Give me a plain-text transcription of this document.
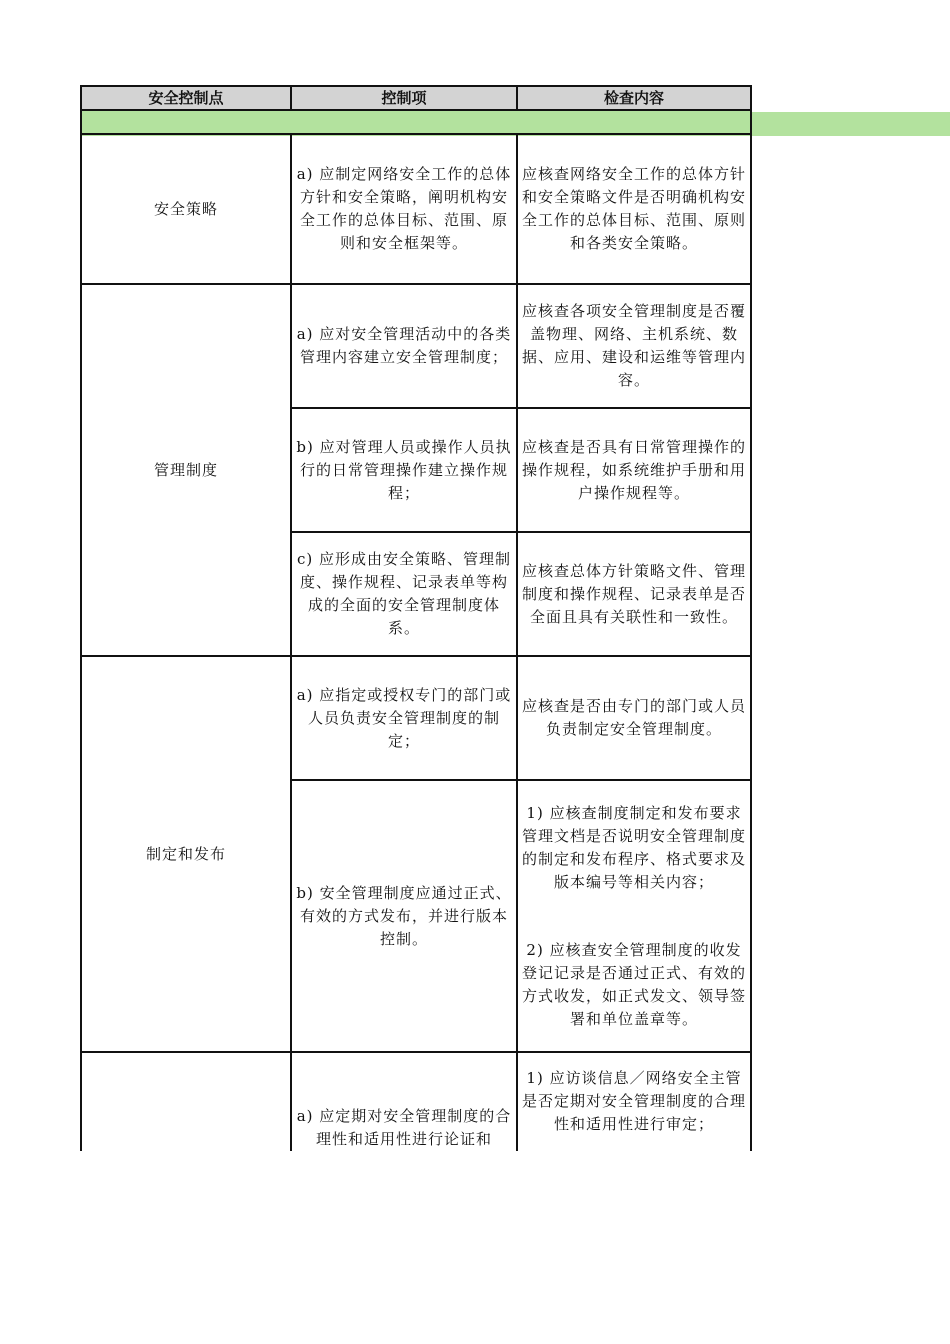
安全控制点	控制项	检查内容

安全策略	a) 应制定网络安全工作的总体方针和安全策略，阐明机构安全工作的总体目标、范围、原则和安全框架等。	应核查网络安全工作的总体方针和安全策略文件是否明确机构安全工作的总体目标、范围、原则和各类安全策略。
管理制度	a) 应对安全管理活动中的各类管理内容建立安全管理制度；	应核查各项安全管理制度是否覆盖物理、网络、主机系统、数据、应用、建设和运维等管理内容。
	b) 应对管理人员或操作人员执行的日常管理操作建立操作规程；	应核查是否具有日常管理操作的操作规程，如系统维护手册和用户操作规程等。
	c) 应形成由安全策略、管理制度、操作规程、记录表单等构成的全面的安全管理制度体系。	应核查总体方针策略文件、管理制度和操作规程、记录表单是否全面且具有关联性和一致性。
制定和发布	a) 应指定或授权专门的部门或人员负责安全管理制度的制定；	应核查是否由专门的部门或人员负责制定安全管理制度。
	b) 安全管理制度应通过正式、有效的方式发布，并进行版本控制。	1) 应核查制度制定和发布要求管理文档是否说明安全管理制度的制定和发布程序、格式要求及版本编号等相关内容；

2) 应核查安全管理制度的收发登记记录是否通过正式、有效的方式收发，如正式发文、领导签署和单位盖章等。

	a) 应定期对安全管理制度的合理性和适用性进行论证和	1) 应访谈信息／网络安全主管是否定期对安全管理制度的合理性和适用性进行审定；
